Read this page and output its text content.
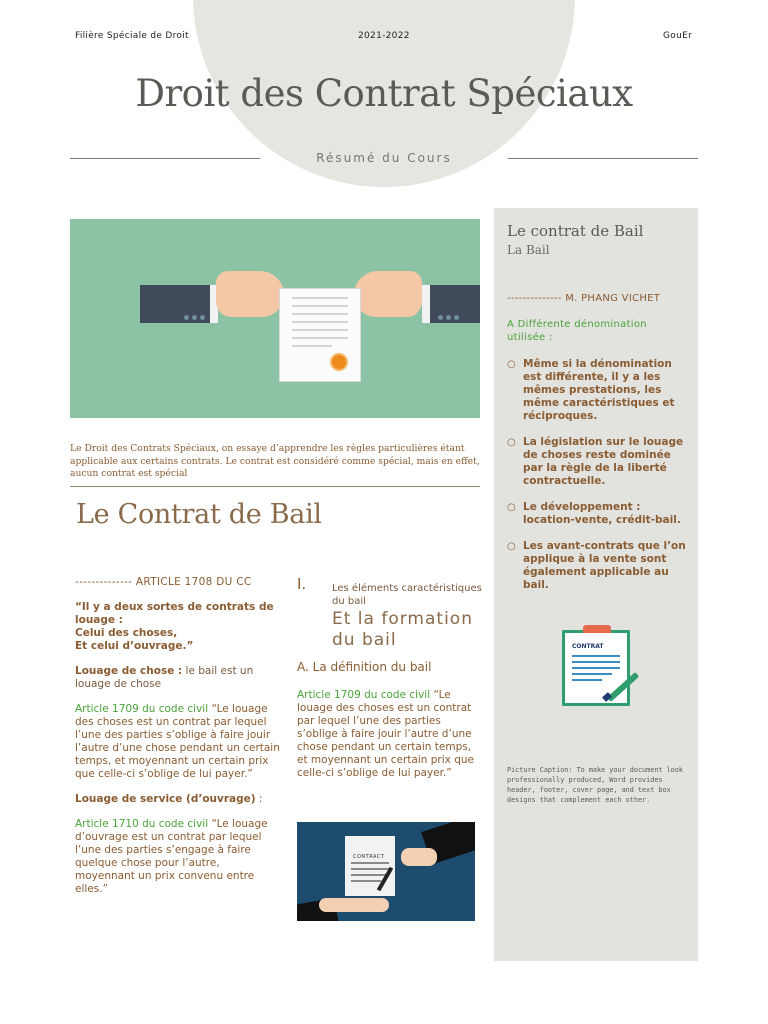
Filière Spéciale de Droit	2021-2022	GouEr
Droit des Contrat Spéciaux
Résumé du Cours
Le Droit des Contrats Spéciaux, on essaye d’apprendre les règles particulières étant applicable aux certains contrats. Le contrat est considéré comme spécial, mais en effet, aucun contrat est spécial
Le Contrat de Bail

-------------- ARTICLE 1708 DU CC

“Il y a deux sortes de contrats de louage :
Celui des choses,
Et celui d’ouvrage.”

Louage de chose : le bail est un louage de chose

Article 1709 du code civil “Le louage des choses est un contrat par lequel l’une des parties s’oblige à faire jouir l’autre d’une chose pendant un certain temps, et moyennant un certain prix que celle-ci s’oblige de lui payer.”

Louage de service (d’ouvrage) :

Article 1710 du code civil “Le louage d’ouvrage est un contrat par lequel l’une des parties s’engage à faire quelque chose pour l’autre, moyennant un prix convenu entre elles.”

I.	Les éléments caractéristiques du bail
Et la formation du bail
A. La définition du bail
Article 1709 du code civil “Le louage des choses est un contrat par lequel l’une des parties s’oblige à faire jouir l’autre d’une chose pendant un certain temps, et moyennant un certain prix que celle-ci s’oblige de lui payer.”
CONTRACT
Le contrat de Bail
La Bail
-------------- M. PHANG VICHET
A Différente dénomination utilisée :
○ Même si la dénomination est différente, il y a les mêmes prestations, les même caractéristiques et réciproques.
○ La législation sur le louage de choses reste dominée par la règle de la liberté contractuelle.
○ Le développement : location-vente, crédit-bail.
○ Les avant-contrats que l’on applique à la vente sont également applicable au bail.
CONTRAT
Picture Caption: To make your document look professionally produced, Word provides header, footer, cover page, and text box designs that complement each other.
